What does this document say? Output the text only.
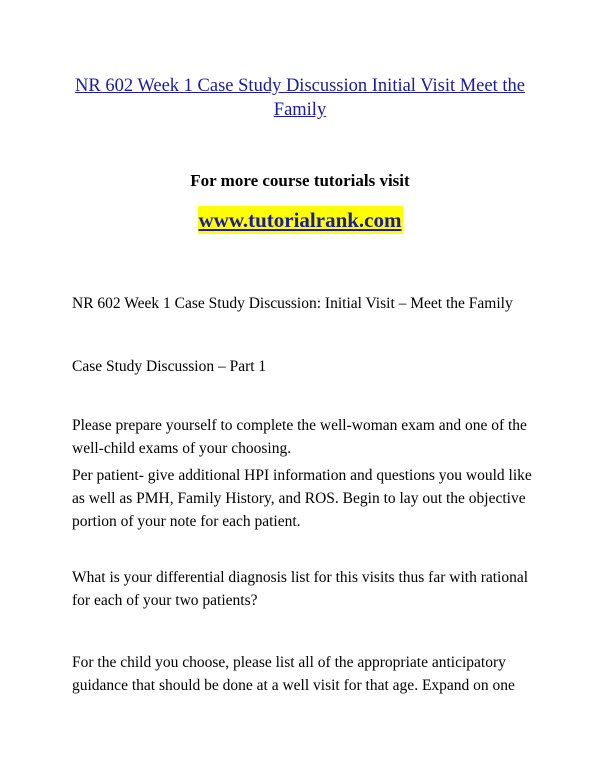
NR 602 Week 1 Case Study Discussion Initial Visit Meet the Family
For more course tutorials visit
www.tutorialrank.com

NR 602 Week 1 Case Study Discussion: Initial Visit – Meet the Family

Case Study Discussion – Part 1

Please prepare yourself to complete the well-woman exam and one of the well-child exams of your choosing.

Per patient- give additional HPI information and questions you would like as well as PMH, Family History, and ROS. Begin to lay out the objective portion of your note for each patient.

What is your differential diagnosis list for this visits thus far with rational for each of your two patients?

For the child you choose, please list all of the appropriate anticipatory guidance that should be done at a well visit for that age. Expand on one
